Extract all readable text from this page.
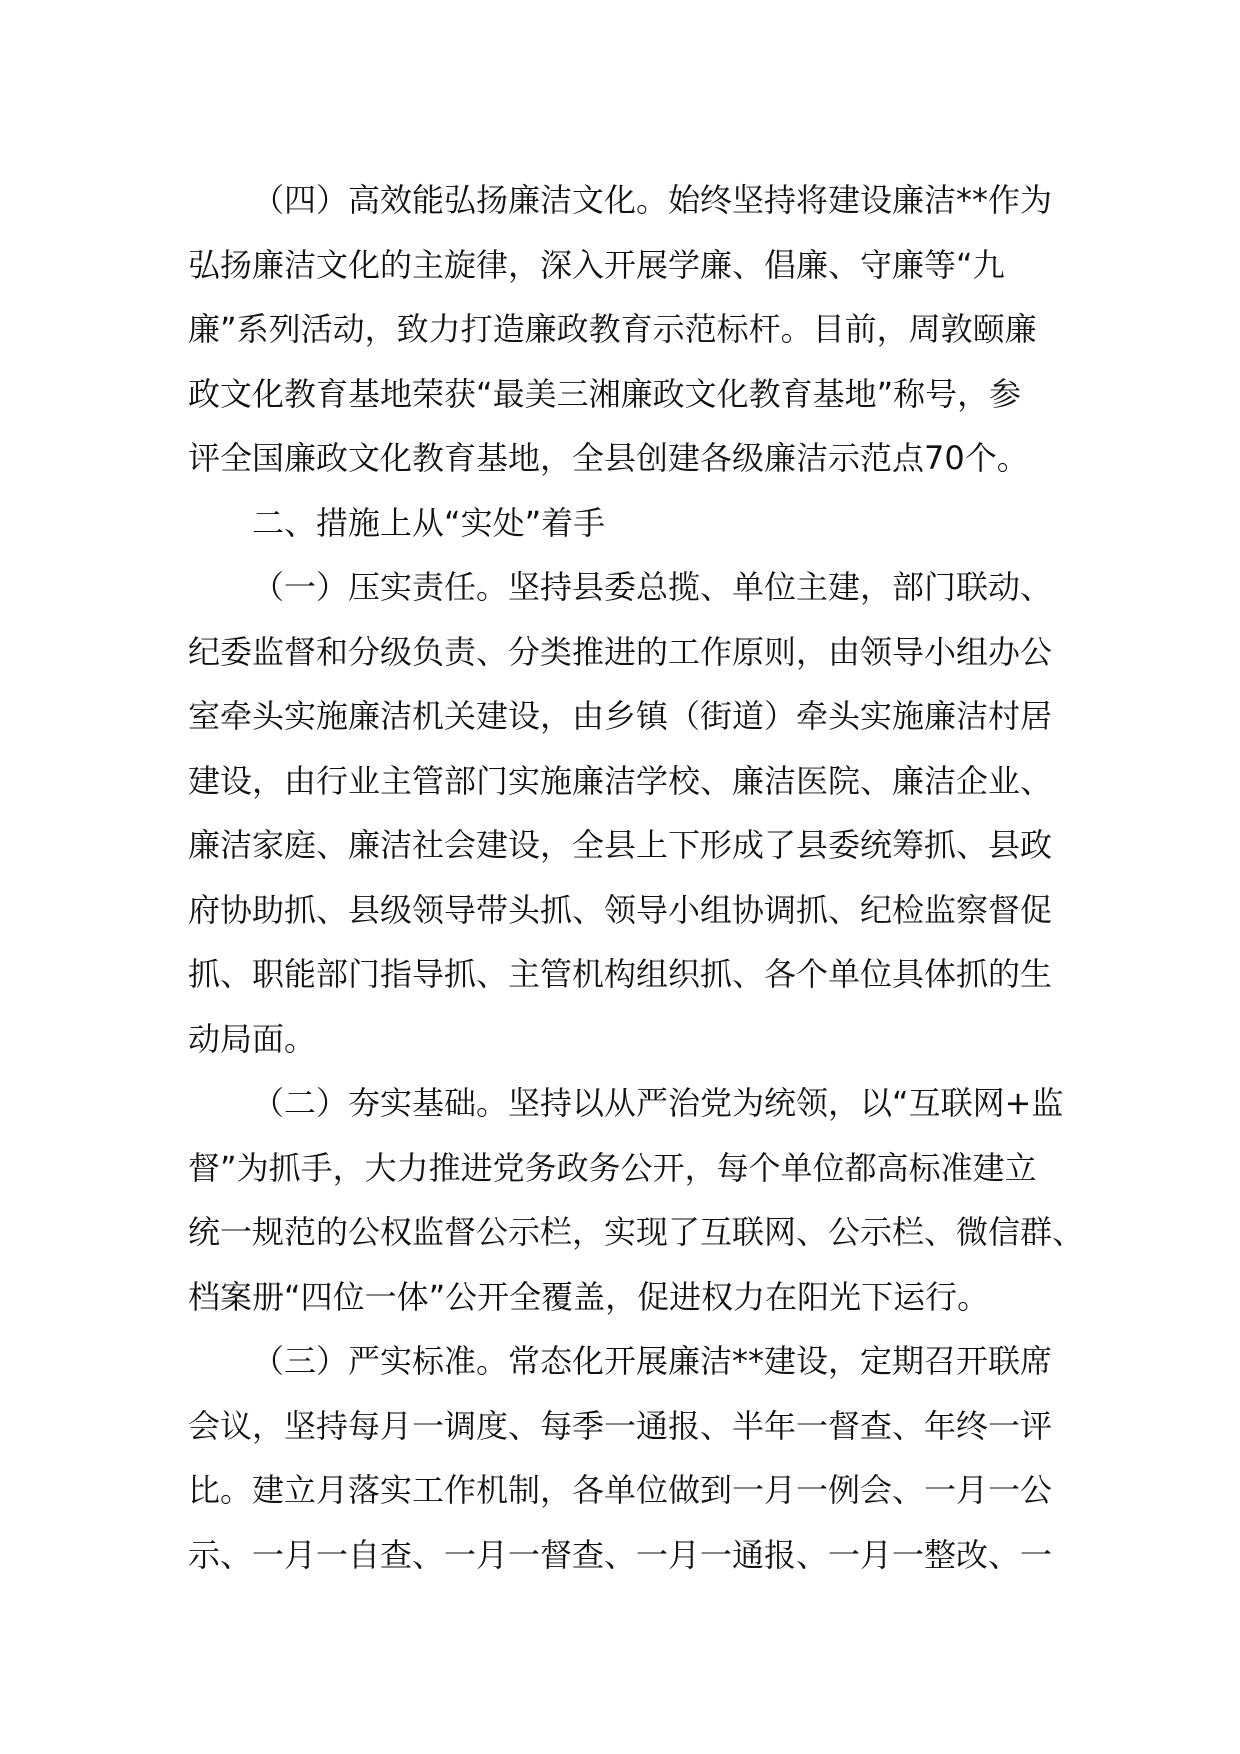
（四）高效能弘扬廉洁文化。始终坚持将建设廉洁**作为
弘扬廉洁文化的主旋律，深入开展学廉、倡廉、守廉等“九
廉”系列活动，致力打造廉政教育示范标杆。目前，周敦颐廉
政文化教育基地荣获“最美三湘廉政文化教育基地”称号，参
评全国廉政文化教育基地，全县创建各级廉洁示范点70个。
二、措施上从“实处”着手
（一）压实责任。坚持县委总揽、单位主建，部门联动、
纪委监督和分级负责、分类推进的工作原则，由领导小组办公
室牵头实施廉洁机关建设，由乡镇（街道）牵头实施廉洁村居
建设，由行业主管部门实施廉洁学校、廉洁医院、廉洁企业、
廉洁家庭、廉洁社会建设，全县上下形成了县委统筹抓、县政
府协助抓、县级领导带头抓、领导小组协调抓、纪检监察督促
抓、职能部门指导抓、主管机构组织抓、各个单位具体抓的生
动局面。
（二）夯实基础。坚持以从严治党为统领，以“互联网+监
督”为抓手，大力推进党务政务公开，每个单位都高标准建立
统一规范的公权监督公示栏，实现了互联网、公示栏、微信群、
档案册“四位一体”公开全覆盖，促进权力在阳光下运行。
（三）严实标准。常态化开展廉洁**建设，定期召开联席
会议，坚持每月一调度、每季一通报、半年一督查、年终一评
比。建立月落实工作机制，各单位做到一月一例会、一月一公
示、一月一自查、一月一督查、一月一通报、一月一整改、一
